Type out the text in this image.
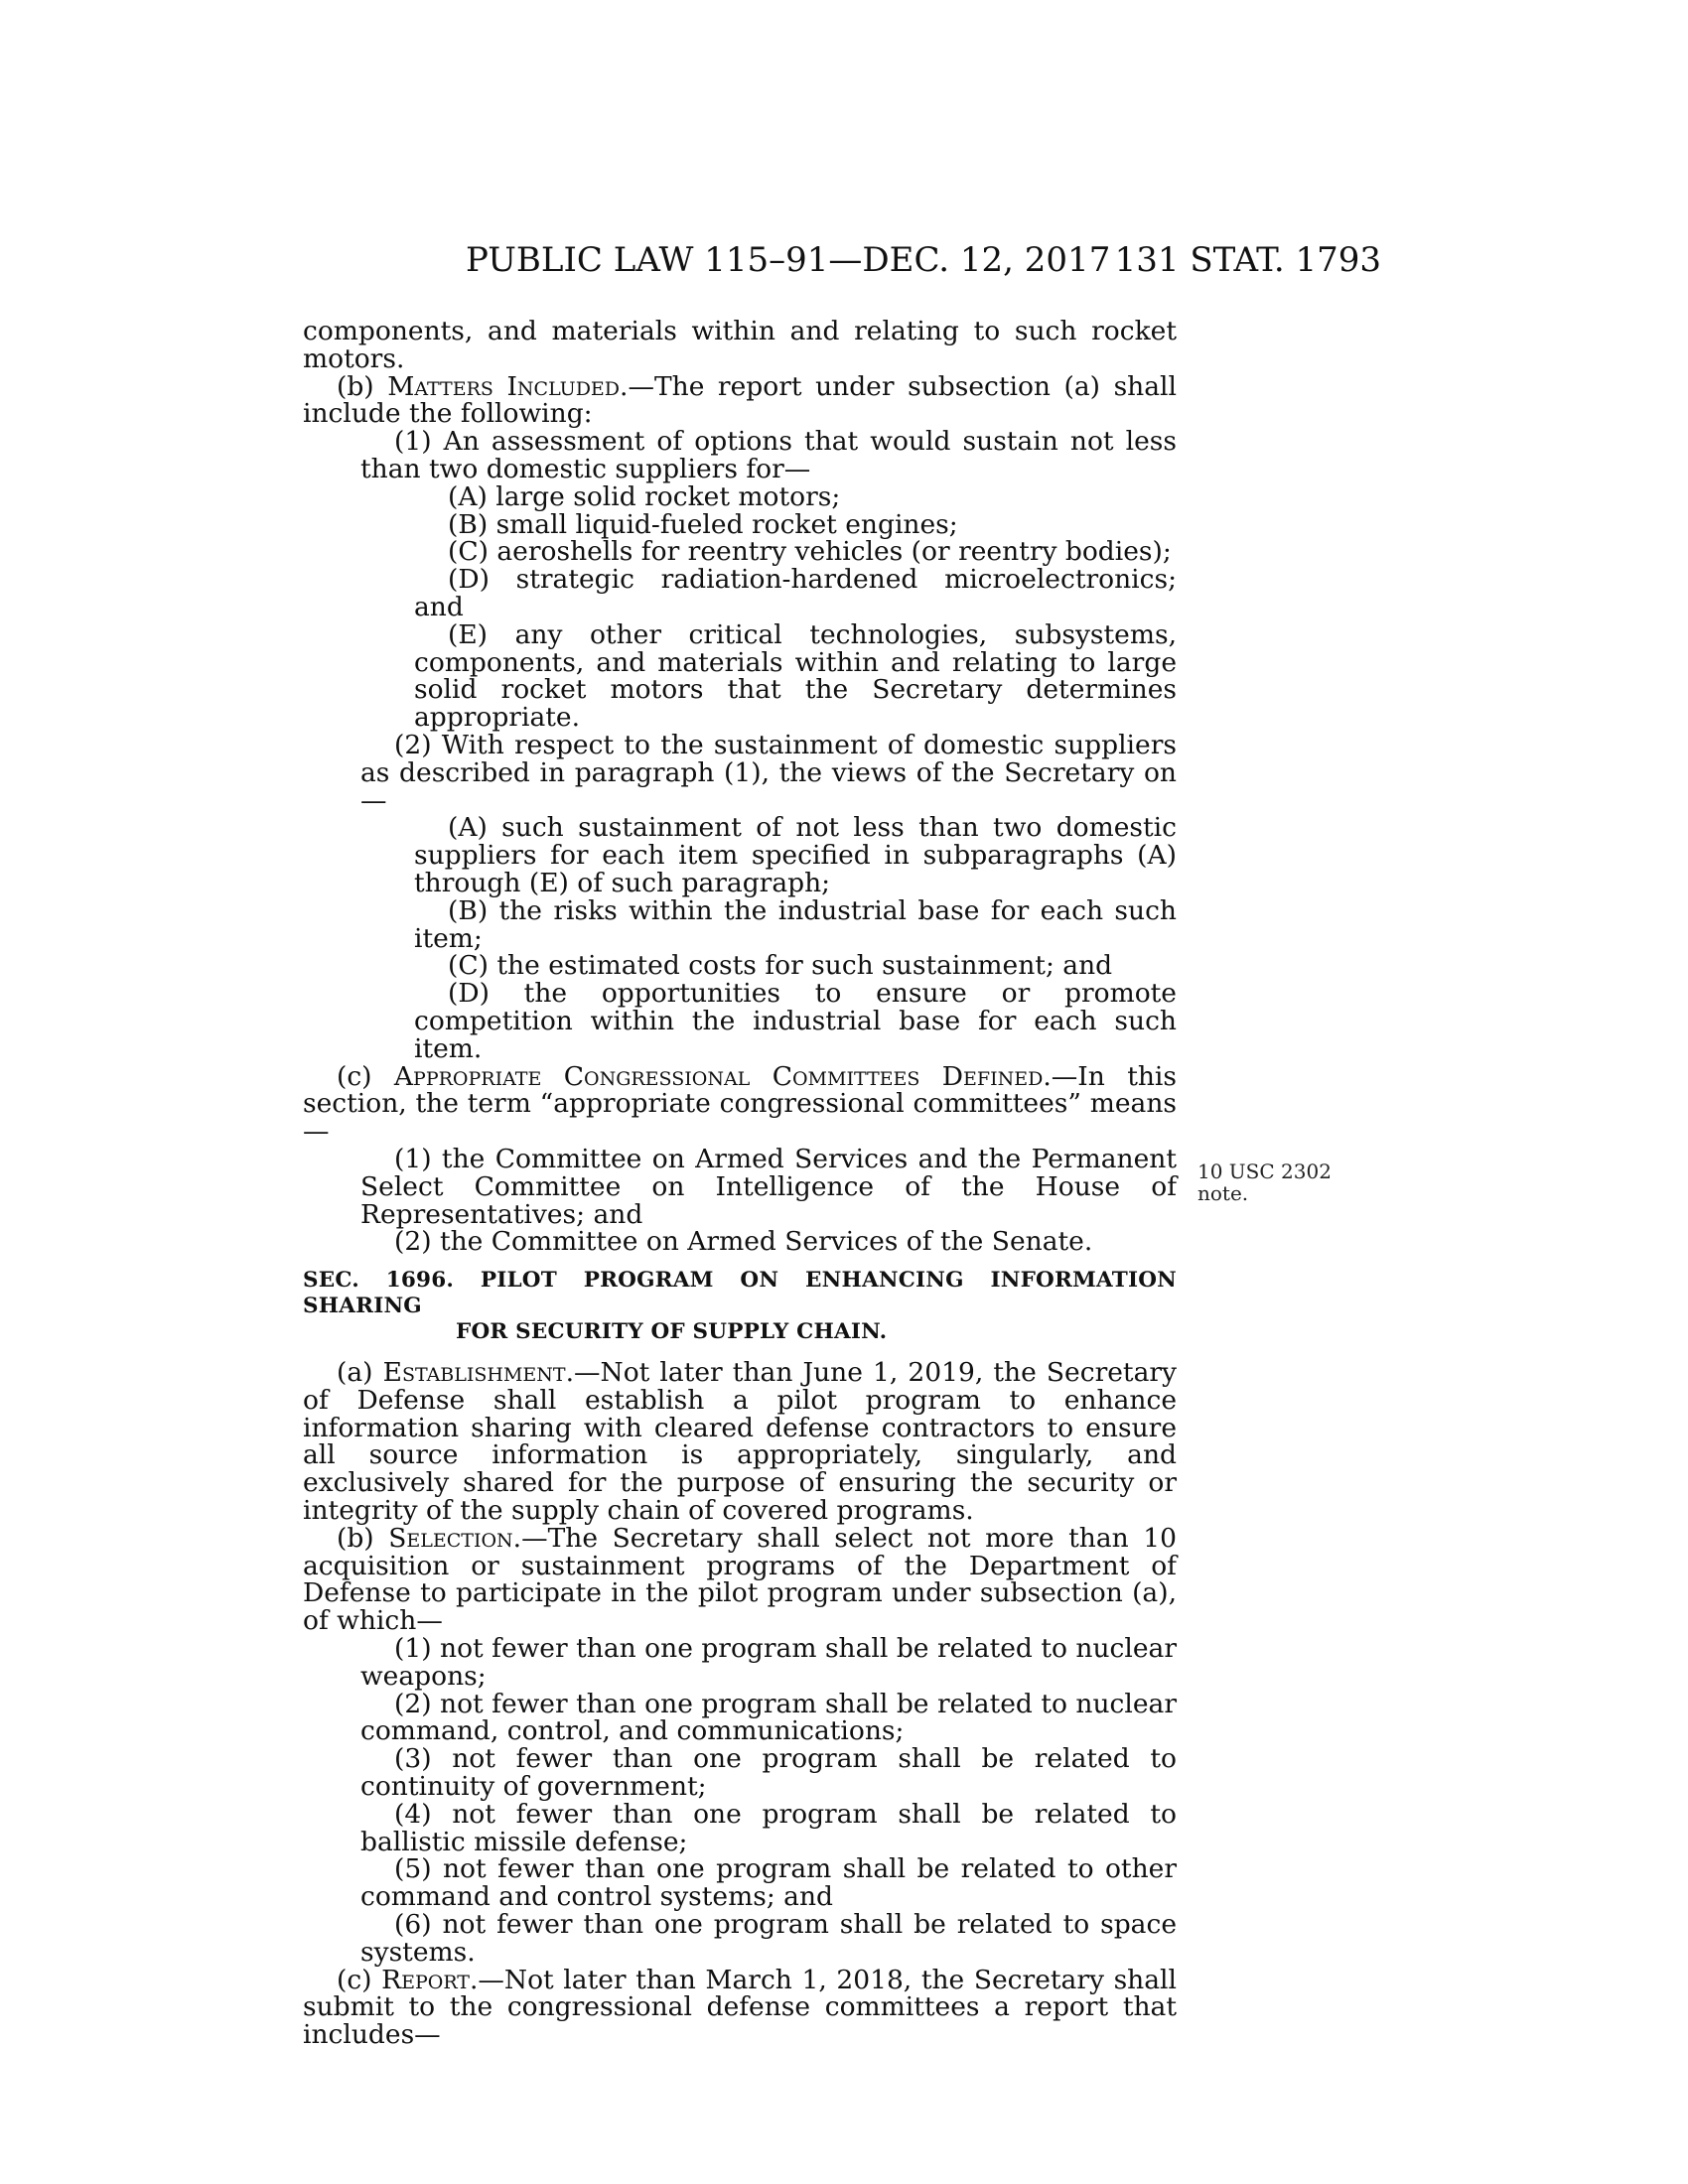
PUBLIC LAW 115–91—DEC. 12, 2017 131 STAT. 1793
10 USC 2302
note.

components, and materials within and relating to such rocket motors.

(b) Matters Included.—The report under subsection (a) shall include the following:

(1) An assessment of options that would sustain not less than two domestic suppliers for—

(A) large solid rocket motors;

(B) small liquid-fueled rocket engines;

(C) aeroshells for reentry vehicles (or reentry bodies);

(D) strategic radiation-hardened microelectronics; and

(E) any other critical technologies, subsystems, components, and materials within and relating to large solid rocket motors that the Secretary determines appropriate.

(2) With respect to the sustainment of domestic suppliers as described in paragraph (1), the views of the Secretary on—

(A) such sustainment of not less than two domestic suppliers for each item specified in subparagraphs (A) through (E) of such paragraph;

(B) the risks within the industrial base for each such item;

(C) the estimated costs for such sustainment; and

(D) the opportunities to ensure or promote competition within the industrial base for each such item.

(c) Appropriate Congressional Committees Defined.—In this section, the term “appropriate congressional committees” means—

(1) the Committee on Armed Services and the Permanent Select Committee on Intelligence of the House of Representatives; and

(2) the Committee on Armed Services of the Senate.

SEC. 1696. PILOT PROGRAM ON ENHANCING INFORMATION SHARING
FOR SECURITY OF SUPPLY CHAIN.

(a) Establishment.—Not later than June 1, 2019, the Secretary of Defense shall establish a pilot program to enhance information sharing with cleared defense contractors to ensure all source information is appropriately, singularly, and exclusively shared for the purpose of ensuring the security or integrity of the supply chain of covered programs.

(b) Selection.—The Secretary shall select not more than 10 acquisition or sustainment programs of the Department of Defense to participate in the pilot program under subsection (a), of which—

(1) not fewer than one program shall be related to nuclear weapons;

(2) not fewer than one program shall be related to nuclear command, control, and communications;

(3) not fewer than one program shall be related to continuity of government;

(4) not fewer than one program shall be related to ballistic missile defense;

(5) not fewer than one program shall be related to other command and control systems; and

(6) not fewer than one program shall be related to space systems.

(c) Report.—Not later than March 1, 2018, the Secretary shall submit to the congressional defense committees a report that includes—
